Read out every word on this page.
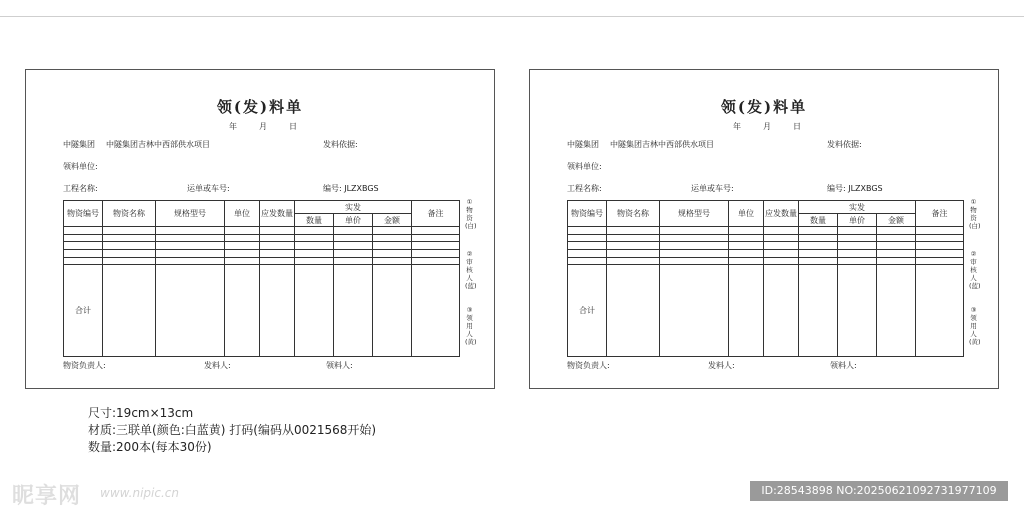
领(发)料单
年	月	日
中隧集团 中隧集团吉林中西部供水项目	发料依据:
领料单位:
工程名称:	运单或车号:	编号: JLZXBGS
物资编号	物资名称	规格型号	单位	应发数量	实发			备注
					数量	单价	金额	

合计								
①物资(白)
②审核人(蓝)
③领用人(黄)
物资负责人:	发料人:	领料人:
领(发)料单
年	月	日
中隧集团 中隧集团吉林中西部供水项目	发料依据:
领料单位:
工程名称:	运单或车号:	编号: JLZXBGS
物资编号	物资名称	规格型号	单位	应发数量	实发			备注
					数量	单价	金额	

合计								
①物资(白)
②审核人(蓝)
③领用人(黄)
物资负责人:	发料人:	领料人:
尺寸:19cm×13cm
材质:三联单(颜色:白蓝黄) 打码(编码从0021568开始)
数量:200本(每本30份)
昵享网 www.nipic.cn	ID:28543898 NO:20250621092731977109
